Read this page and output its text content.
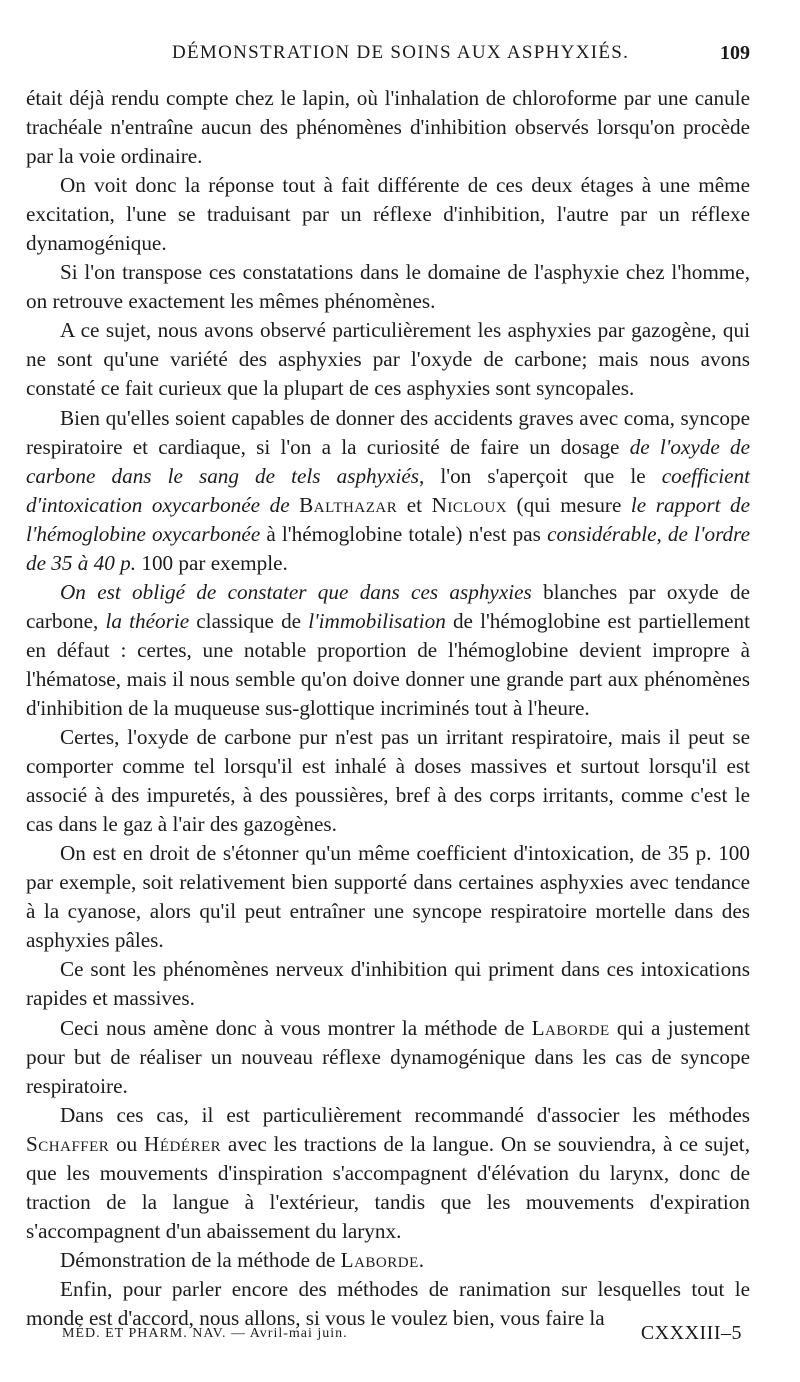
DÉMONSTRATION DE SOINS AUX ASPHYXIÉS.	109

était déjà rendu compte chez le lapin, où l'inhalation de chloroforme par une canule trachéale n'entraîne aucun des phénomènes d'inhibition observés lorsqu'on procède par la voie ordinaire.

On voit donc la réponse tout à fait différente de ces deux étages à une même excitation, l'une se traduisant par un réflexe d'inhibition, l'autre par un réflexe dynamogénique.

Si l'on transpose ces constatations dans le domaine de l'asphyxie chez l'homme, on retrouve exactement les mêmes phénomènes.

A ce sujet, nous avons observé particulièrement les asphyxies par gazogène, qui ne sont qu'une variété des asphyxies par l'oxyde de carbone; mais nous avons constaté ce fait curieux que la plupart de ces asphyxies sont syncopales.

Bien qu'elles soient capables de donner des accidents graves avec coma, syncope respiratoire et cardiaque, si l'on a la curiosité de faire un dosage de l'oxyde de carbone dans le sang de tels asphyxiés, l'on s'aperçoit que le coefficient d'intoxication oxycarbonée de Balthazar et Nicloux (qui mesure le rapport de l'hémoglobine oxycarbonée à l'hémoglobine totale) n'est pas considérable, de l'ordre de 35 à 40 p. 100 par exemple.

On est obligé de constater que dans ces asphyxies blanches par oxyde de carbone, la théorie classique de l'immobilisation de l'hémoglobine est partiellement en défaut : certes, une notable proportion de l'hémoglobine devient impropre à l'hématose, mais il nous semble qu'on doive donner une grande part aux phénomènes d'inhibition de la muqueuse sus-glottique incriminés tout à l'heure.

Certes, l'oxyde de carbone pur n'est pas un irritant respiratoire, mais il peut se comporter comme tel lorsqu'il est inhalé à doses massives et surtout lorsqu'il est associé à des impuretés, à des poussières, bref à des corps irritants, comme c'est le cas dans le gaz à l'air des gazogènes.

On est en droit de s'étonner qu'un même coefficient d'intoxication, de 35 p. 100 par exemple, soit relativement bien supporté dans certaines asphyxies avec tendance à la cyanose, alors qu'il peut entraîner une syncope respiratoire mortelle dans des asphyxies pâles.

Ce sont les phénomènes nerveux d'inhibition qui priment dans ces intoxications rapides et massives.

Ceci nous amène donc à vous montrer la méthode de Laborde qui a justement pour but de réaliser un nouveau réflexe dynamogénique dans les cas de syncope respiratoire.

Dans ces cas, il est particulièrement recommandé d'associer les méthodes Schaffer ou Hédérer avec les tractions de la langue. On se souviendra, à ce sujet, que les mouvements d'inspiration s'accompagnent d'élévation du larynx, donc de traction de la langue à l'extérieur, tandis que les mouvements d'expiration s'accompagnent d'un abaissement du larynx.

Démonstration de la méthode de Laborde.

Enfin, pour parler encore des méthodes de ranimation sur lesquelles tout le monde est d'accord, nous allons, si vous le voulez bien, vous faire la

MÉD. ET PHARM. NAV. — Avril-mai juin.	CXXXIII–5
